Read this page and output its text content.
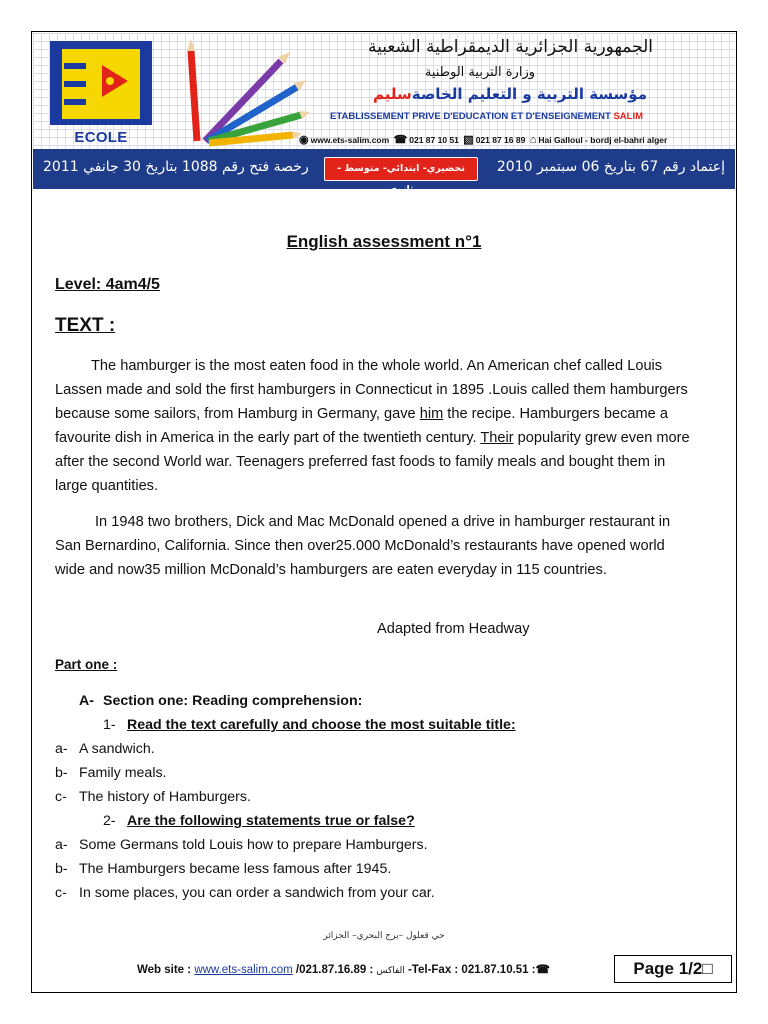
ECOLE
الجمهورية الجزائرية الديمقراطية الشعبية
وزارة التربية الوطنية
مؤسسة التربية و التعليم الخاصةسليم
ETABLISSEMENT PRIVE D'EDUCATION ET D'ENSEIGNEMENT SALIM
◉ www.ets-salim.com ☎ 021 87 10 51 ▧ 021 87 16 89 ⌂ Hai Galloul - bordj el-bahri alger
رخصة فتح رقم 1088 بتاريخ 30 جانفي 2011	تحضيري- ابتدائي- متوسط - ثانوي
إعتماد رقم 67 بتاريخ 06 سبتمبر 2010
English assessment n°1
Level: 4am4/5
TEXT :

The hamburger is the most eaten food in the whole world. An American chef called Louis Lassen made and sold the first hamburgers in Connecticut in 1895 .Louis called them hamburgers because some sailors, from Hamburg in Germany, gave him the recipe. Hamburgers became a favourite dish in America in the early part of the twentieth century. Their popularity grew even more after the second World war. Teenagers preferred fast foods to family meals and bought them in large quantities.

In 1948 two brothers, Dick and Mac McDonald opened a drive in hamburger restaurant in San Bernardino, California. Since then over25.000 McDonald’s restaurants have opened world wide and now35 million McDonald’s hamburgers are eaten everyday in 115 countries.

Adapted from Headway
Part one :
A- Section one: Reading comprehension:
1- Read the text carefully and choose the most suitable title:
a- A sandwich.
b- Family meals.
c- The history of Hamburgers.
2- Are the following statements true or false?
a- Some Germans told Louis how to prepare Hamburgers.
b- The Hamburgers became less famous after 1945.
c- In some places, you can order a sandwich from your car.
حي قعلول –برج البحري– الجزائر
Web site : www.ets-salim.com /021.87.16.89 : الفاكس -Tel-Fax : 021.87.10.51 :☎	Page 1/2□
